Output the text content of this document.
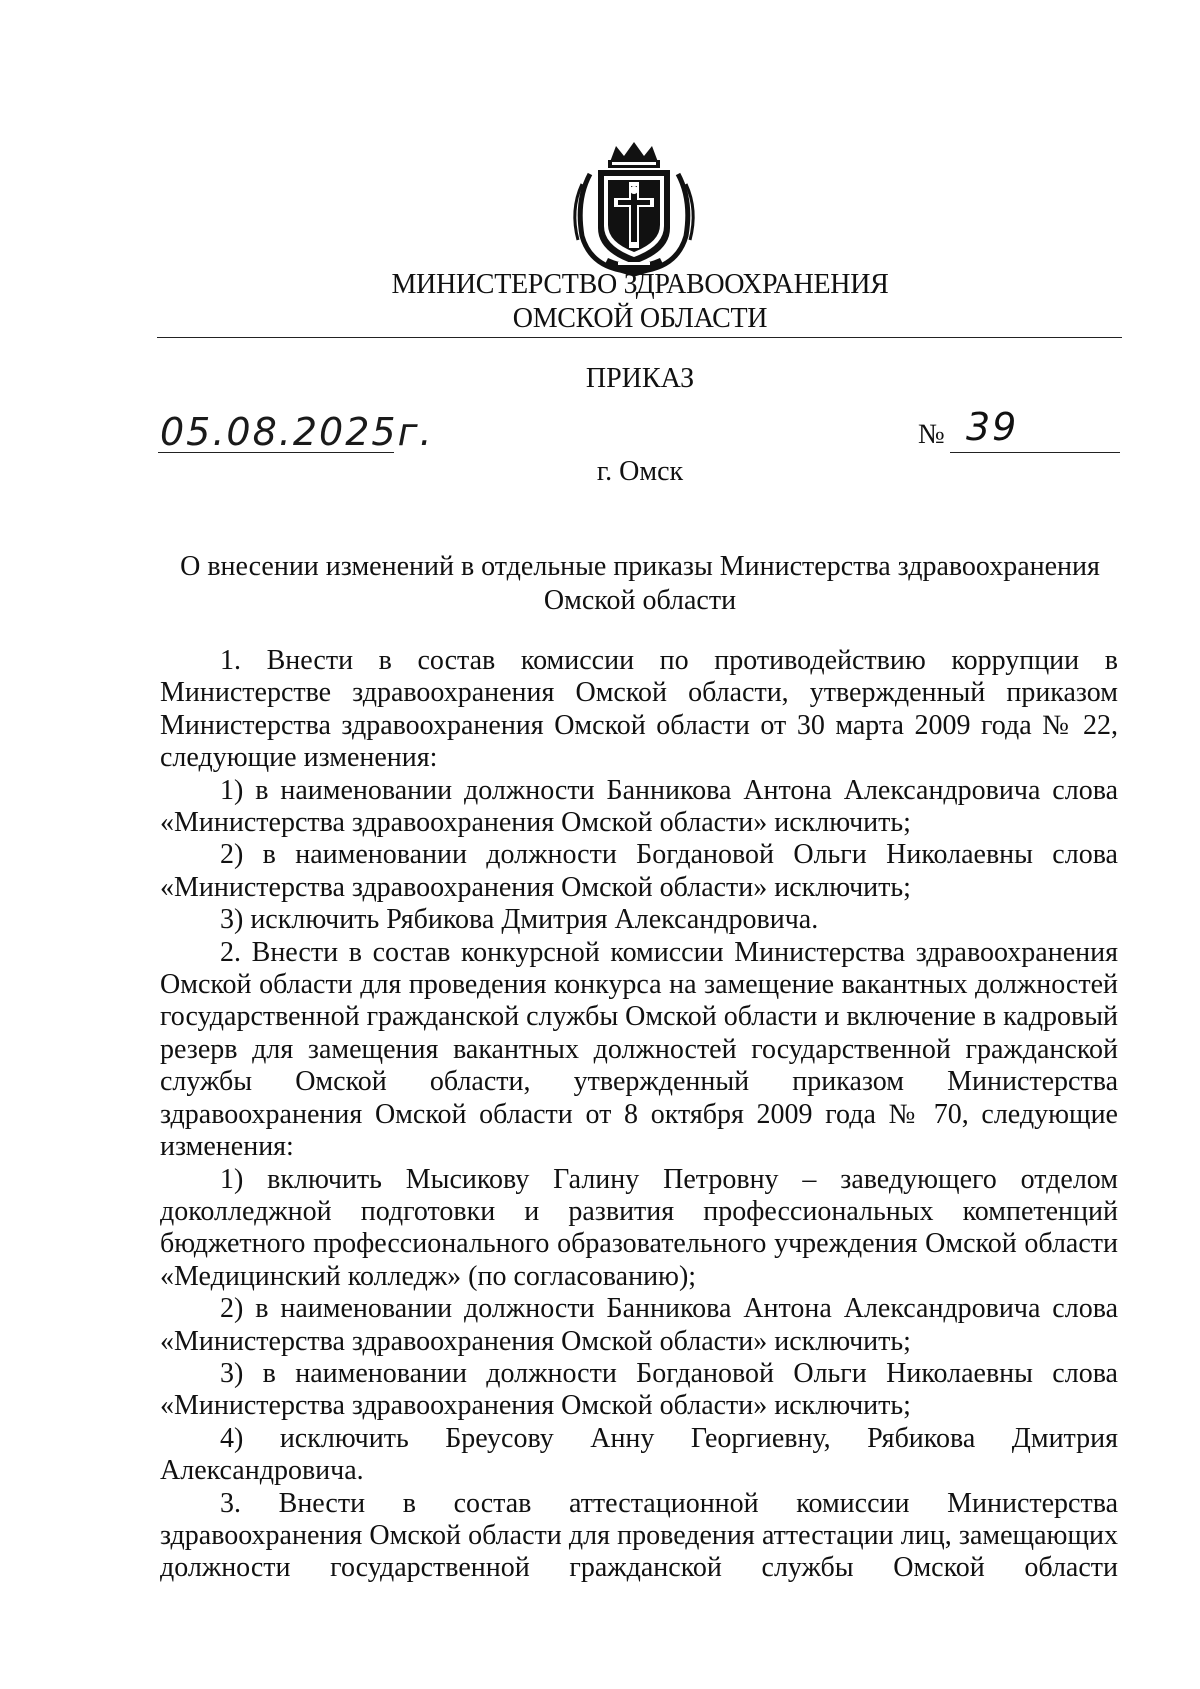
МИНИСТЕРСТВО ЗДРАВООХРАНЕНИЯ
ОМСКОЙ ОБЛАСТИ
ПРИКАЗ
05.08.2025г.	№ 39
г. Омск
О внесении изменений в отдельные приказы Министерства здравоохранения
Омской области

1. Внести в состав комиссии по противодействию коррупции в Министерстве здравоохранения Омской области, утвержденный приказом Министерства здравоохранения Омской области от 30 марта 2009 года № 22, следующие изменения:

1) в наименовании должности Банникова Антона Александровича слова «Министерства здравоохранения Омской области» исключить;

2) в наименовании должности Богдановой Ольги Николаевны слова «Министерства здравоохранения Омской области» исключить;

3) исключить Рябикова Дмитрия Александровича.

2. Внести в состав конкурсной комиссии Министерства здравоохранения Омской области для проведения конкурса на замещение вакантных должностей государственной гражданской службы Омской области и включение в кадровый резерв для замещения вакантных должностей государственной гражданской службы Омской области, утвержденный приказом Министерства здравоохранения Омской области от 8 октября 2009 года № 70, следующие изменения:

1) включить Мысикову Галину Петровну – заведующего отделом доколледжной подготовки и развития профессиональных компетенций бюджетного профессионального образовательного учреждения Омской области «Медицинский колледж» (по согласованию);

2) в наименовании должности Банникова Антона Александровича слова «Министерства здравоохранения Омской области» исключить;

3) в наименовании должности Богдановой Ольги Николаевны слова «Министерства здравоохранения Омской области» исключить;

4) исключить Бреусову Анну Георгиевну, Рябикова Дмитрия Александровича.

3. Внести в состав аттестационной комиссии Министерства здравоохранения Омской области для проведения аттестации лиц, замещающих должности государственной гражданской службы Омской области
